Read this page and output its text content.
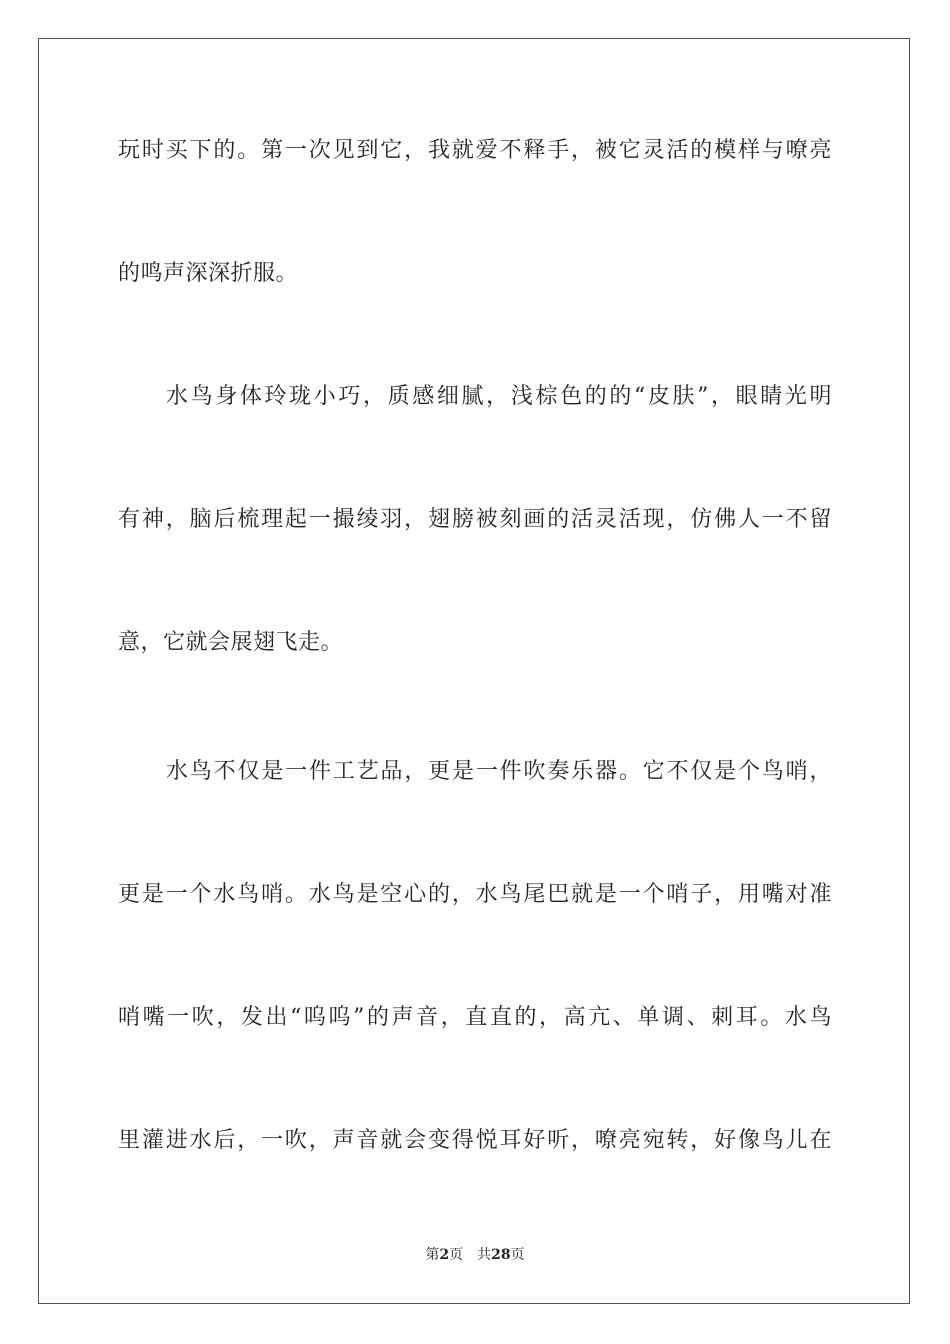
玩时买下的。第一次见到它，我就爱不释手，被它灵活的模样与嘹亮
的鸣声深深折服。
水鸟身体玲珑小巧，质感细腻，浅棕色的的“皮肤”，眼睛光明
有神，脑后梳理起一撮绫羽，翅膀被刻画的活灵活现，仿佛人一不留
意，它就会展翅飞走。
水鸟不仅是一件工艺品，更是一件吹奏乐器。它不仅是个鸟哨，
更是一个水鸟哨。水鸟是空心的，水鸟尾巴就是一个哨子，用嘴对准
哨嘴一吹，发出“呜呜”的声音，直直的，高亢、单调、刺耳。水鸟
里灌进水后，一吹，声音就会变得悦耳好听，嘹亮宛转，好像鸟儿在
第2页 共28页
